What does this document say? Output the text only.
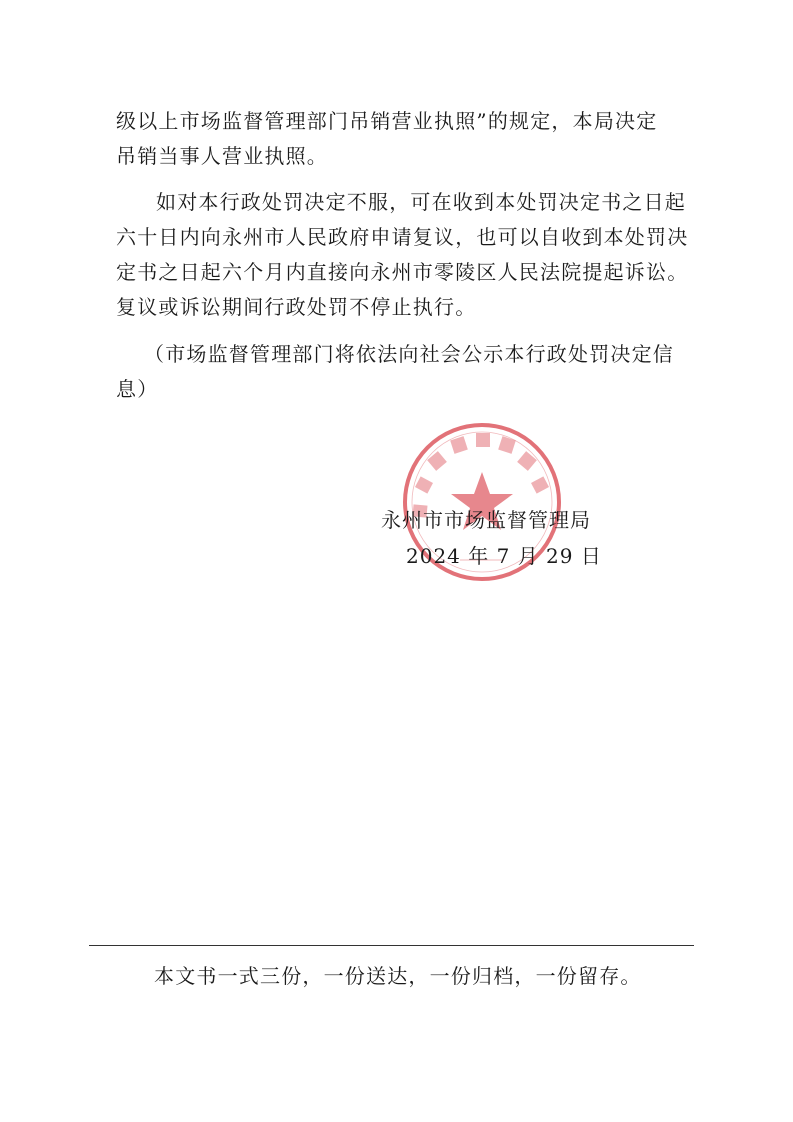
级以上市场监督管理部门吊销营业执照”的规定，本局决定
吊销当事人营业执照。

如对本行政处罚决定不服，可在收到本处罚决定书之日起
六十日内向永州市人民政府申请复议，也可以自收到本处罚决
定书之日起六个月内直接向永州市零陵区人民法院提起诉讼。
复议或诉讼期间行政处罚不停止执行。

（市场监督管理部门将依法向社会公示本行政处罚决定信
息）

永州市市场监督管理局
2024 年 7 月 29 日
本文书一式三份，一份送达，一份归档，一份留存。
